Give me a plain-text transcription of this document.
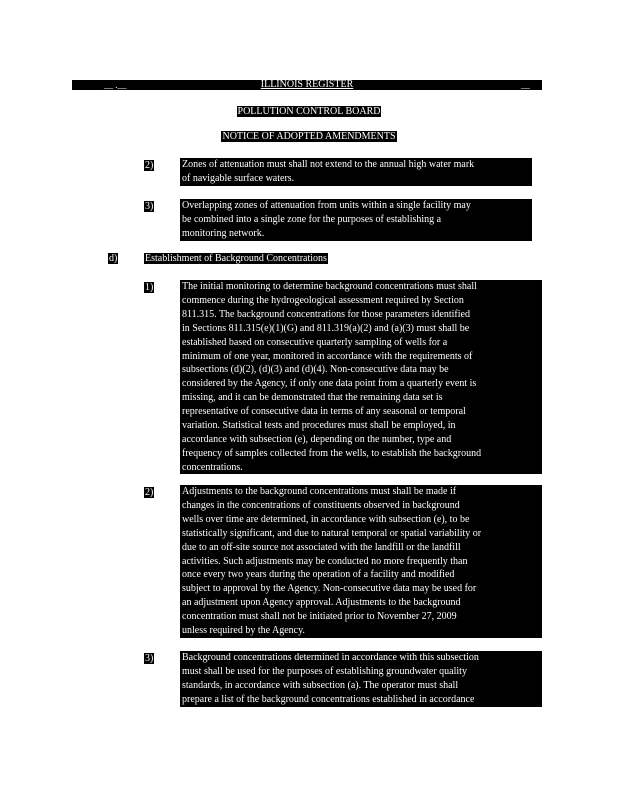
__ .__	ILLINOIS REGISTER	__
POLLUTION CONTROL BOARD
NOTICE OF ADOPTED AMENDMENTS
2)	Zones of attenuation must shall not extend to the annual high water mark
of navigable surface waters.
3)	Overlapping zones of attenuation from units within a single facility may
be combined into a single zone for the purposes of establishing a
monitoring network.
d)	Establishment of Background Concentrations
1)	The initial monitoring to determine background concentrations must shall
commence during the hydrogeological assessment required by Section
811.315. The background concentrations for those parameters identified
in Sections 811.315(e)(1)(G) and 811.319(a)(2) and (a)(3) must shall be
established based on consecutive quarterly sampling of wells for a
minimum of one year, monitored in accordance with the requirements of
subsections (d)(2), (d)(3) and (d)(4). Non-consecutive data may be
considered by the Agency, if only one data point from a quarterly event is
missing, and it can be demonstrated that the remaining data set is
representative of consecutive data in terms of any seasonal or temporal
variation. Statistical tests and procedures must shall be employed, in
accordance with subsection (e), depending on the number, type and
frequency of samples collected from the wells, to establish the background
concentrations.
2)	Adjustments to the background concentrations must shall be made if
changes in the concentrations of constituents observed in background
wells over time are determined, in accordance with subsection (e), to be
statistically significant, and due to natural temporal or spatial variability or
due to an off-site source not associated with the landfill or the landfill
activities. Such adjustments may be conducted no more frequently than
once every two years during the operation of a facility and modified
subject to approval by the Agency. Non-consecutive data may be used for
an adjustment upon Agency approval. Adjustments to the background
concentration must shall not be initiated prior to November 27, 2009
unless required by the Agency.
3)	Background concentrations determined in accordance with this subsection
must shall be used for the purposes of establishing groundwater quality
standards, in accordance with subsection (a). The operator must shall
prepare a list of the background concentrations established in accordance
